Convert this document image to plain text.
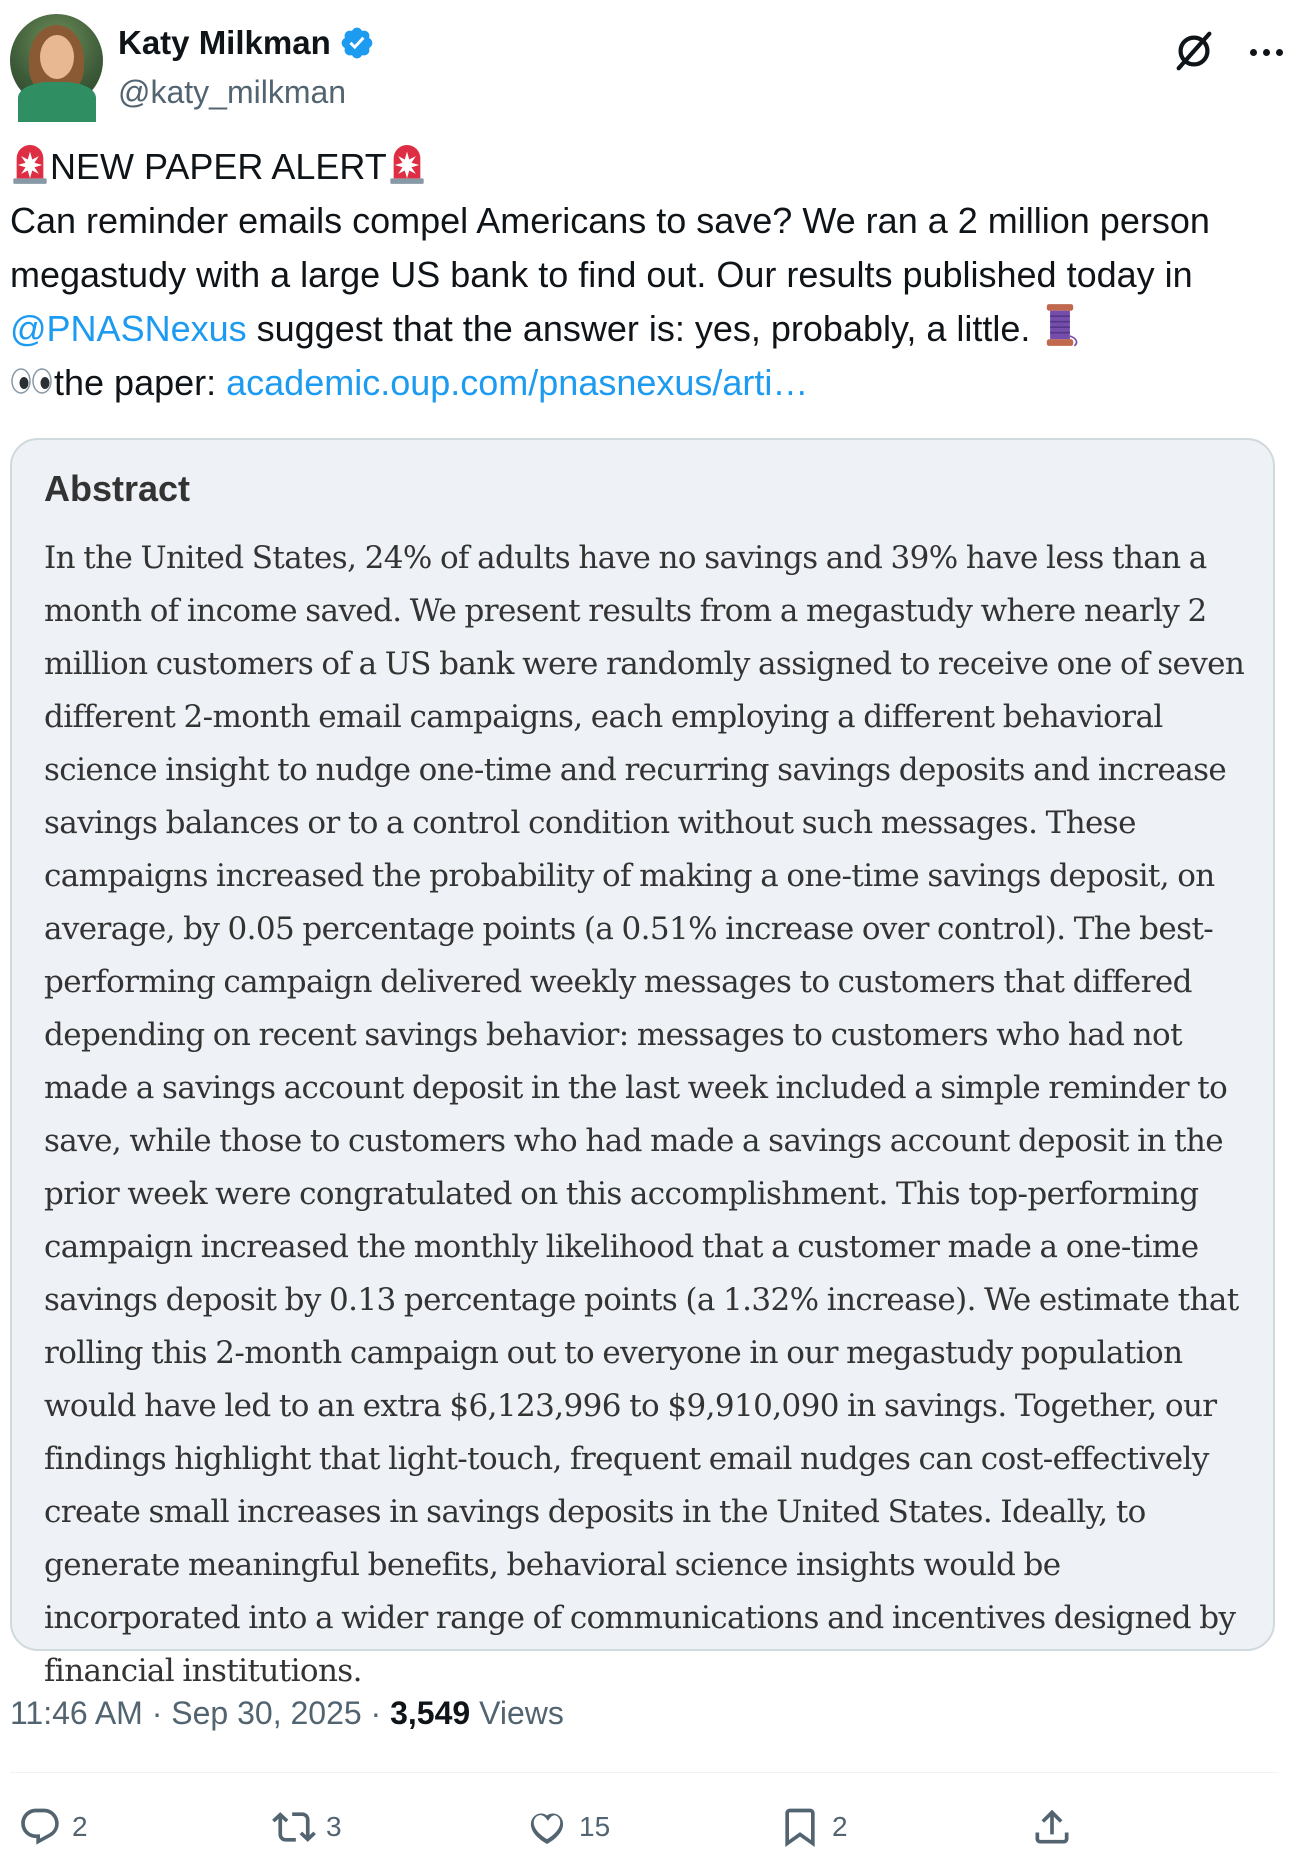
Katy Milkman
@katy_milkman

NEW PAPER ALERT

Can reminder emails compel Americans to save? We ran a 2 million person megastudy with a large US bank to find out. Our results published today in @PNASNexus suggest that the answer is: yes, probably, a little.

the paper: academic.oup.com/pnasnexus/arti…

Abstract
In the United States, 24% of adults have no savings and 39% have less than a month of income saved. We present results from a megastudy where nearly 2 million customers of a US bank were randomly assigned to receive one of seven different 2-month email campaigns, each employing a different behavioral science insight to nudge one-time and recurring savings deposits and increase savings balances or to a control condition without such messages. These campaigns increased the probability of making a one-time savings deposit, on average, by 0.05 percentage points (a 0.51% increase over control). The best-performing campaign delivered weekly messages to customers that differed depending on recent savings behavior: messages to customers who had not made a savings account deposit in the last week included a simple reminder to save, while those to customers who had made a savings account deposit in the prior week were congratulated on this accomplishment. This top-performing campaign increased the monthly likelihood that a customer made a one-time savings deposit by 0.13 percentage points (a 1.32% increase). We estimate that rolling this 2-month campaign out to everyone in our megastudy population would have led to an extra $6,123,996 to $9,910,090 in savings. Together, our findings highlight that light-touch, frequent email nudges can cost-effectively create small increases in savings deposits in the United States. Ideally, to generate meaningful benefits, behavioral science insights would be incorporated into a wider range of communications and incentives designed by financial institutions.
11:46 AM · Sep 30, 2025 · 3,549 Views
2	3	15	2
